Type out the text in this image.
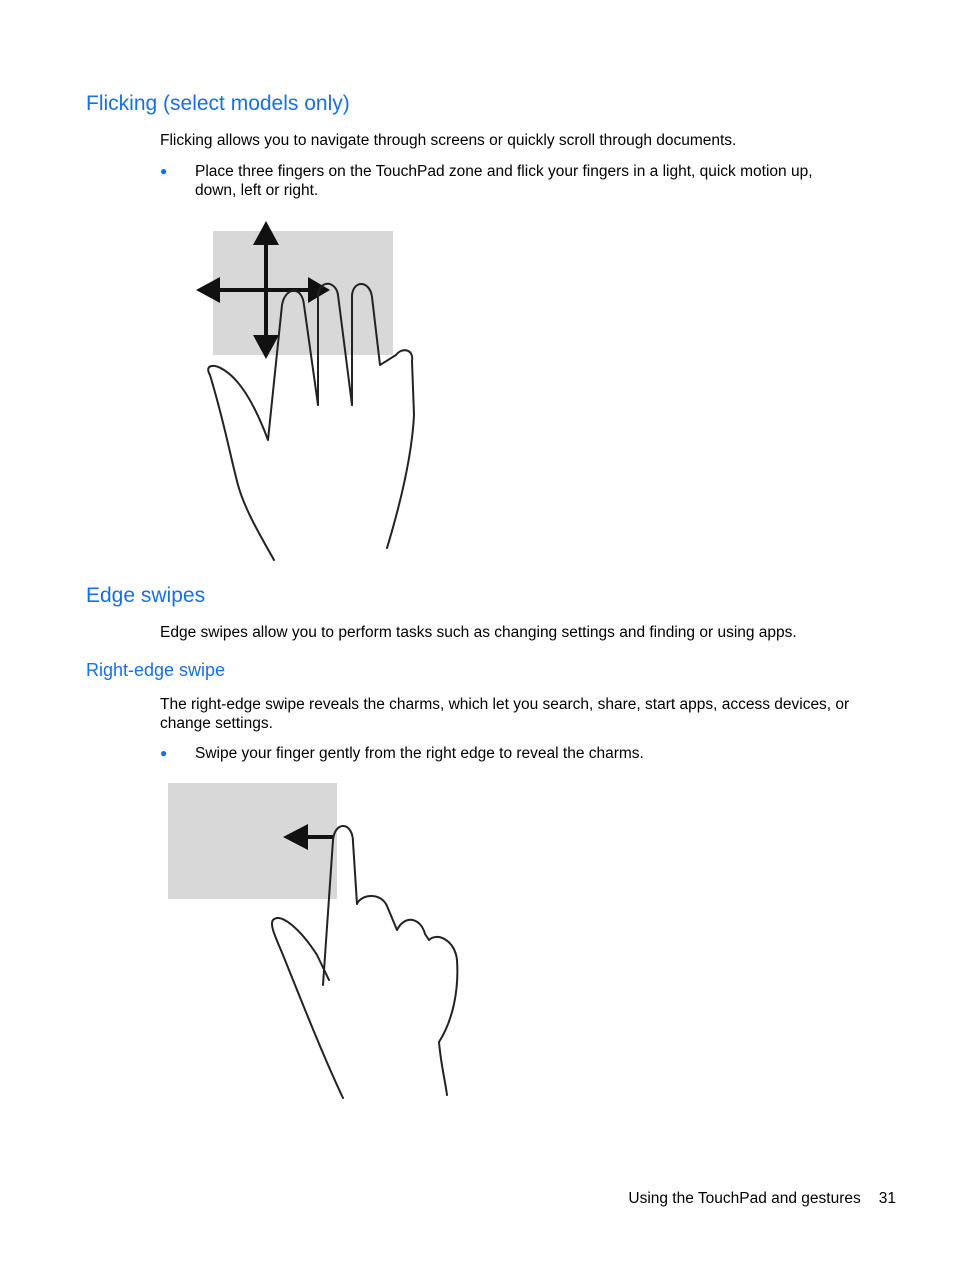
Flicking (select models only)

Flicking allows you to navigate through screens or quickly scroll through documents.

● Place three fingers on the TouchPad zone and flick your fingers in a light, quick motion up, down, left or right.
Edge swipes

Edge swipes allow you to perform tasks such as changing settings and finding or using apps.

Right-edge swipe

The right-edge swipe reveals the charms, which let you search, share, start apps, access devices, or change settings.

● Swipe your finger gently from the right edge to reveal the charms.
Using the TouchPad and gestures 31
